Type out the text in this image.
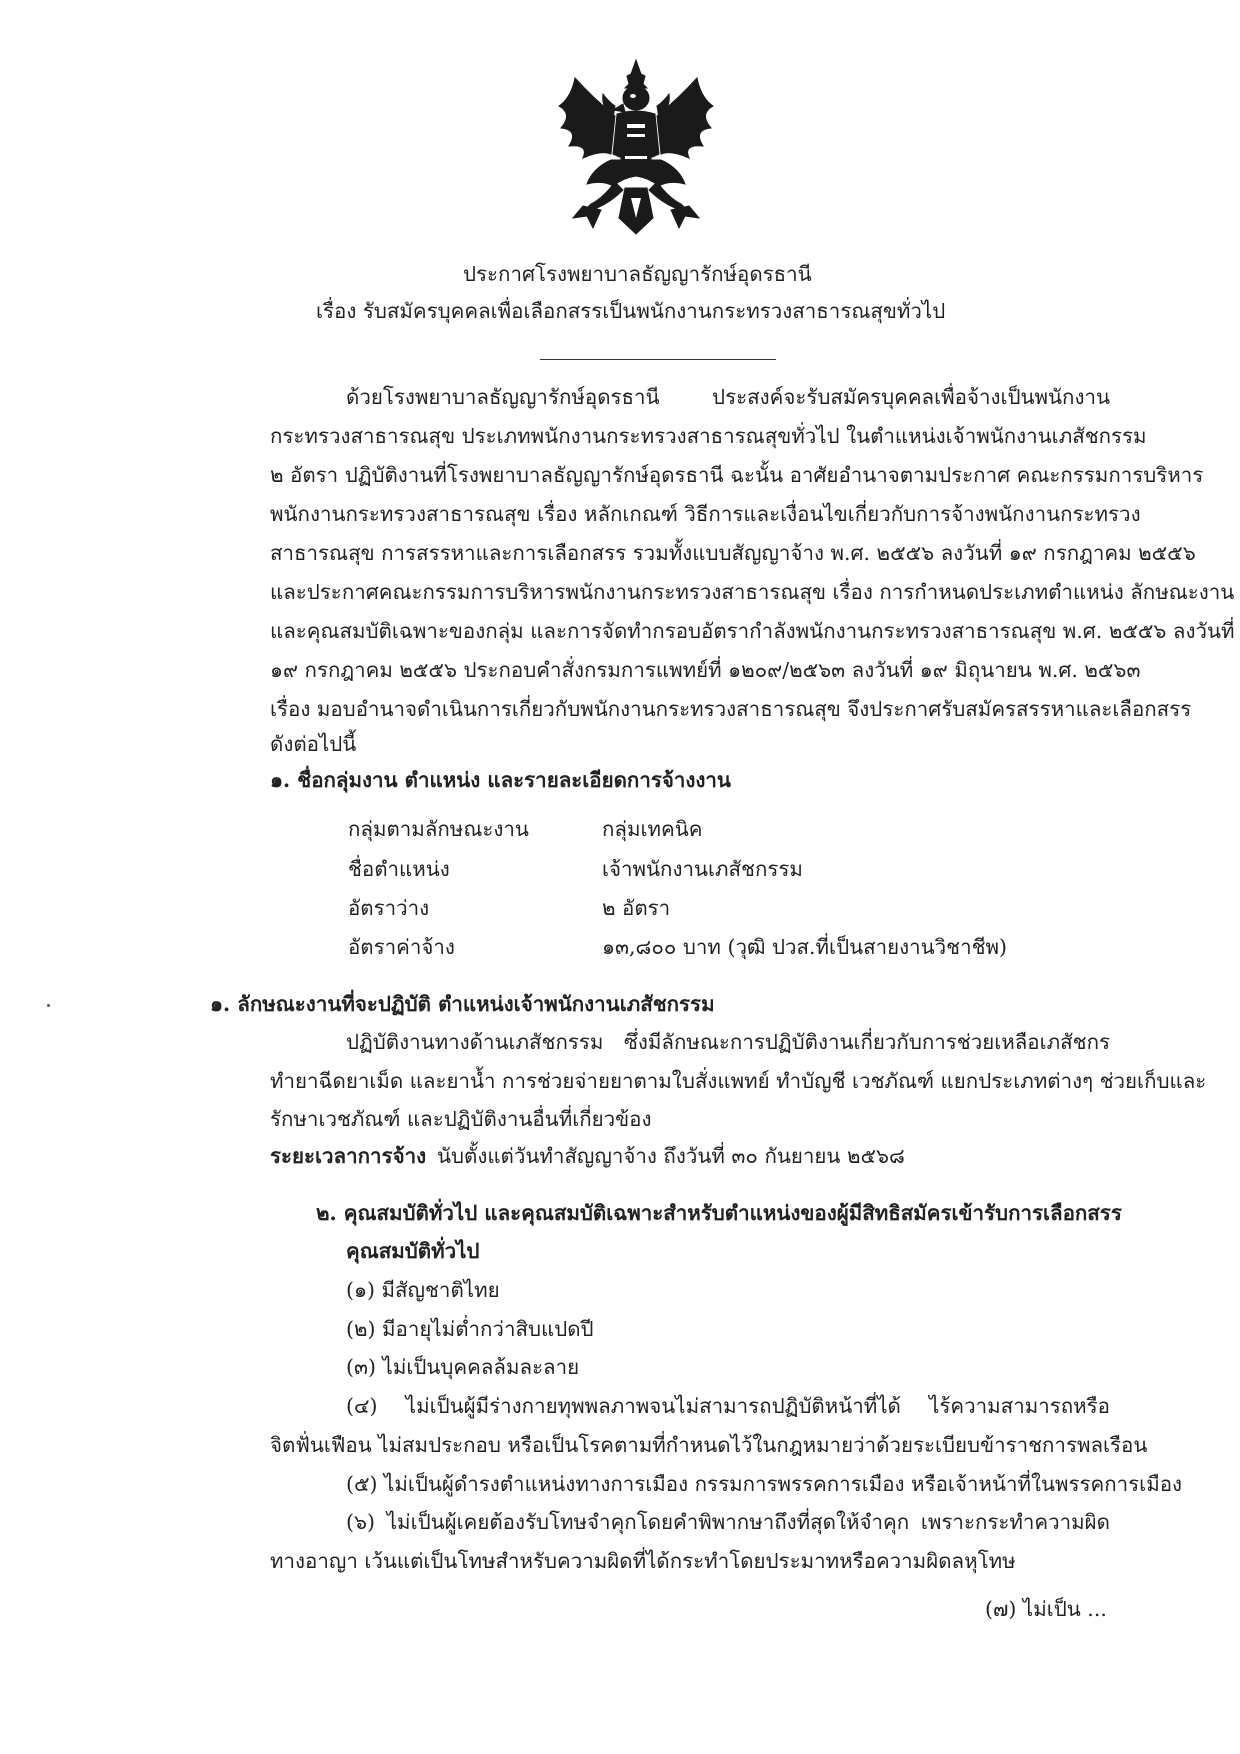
ประกาศโรงพยาบาลธัญญารักษ์อุดรธานี
เรื่อง รับสมัครบุคคลเพื่อเลือกสรรเป็นพนักงานกระทรวงสาธารณสุขทั่วไป
ด้วยโรงพยาบาลธัญญารักษ์อุดรธานี ประสงค์จะรับสมัครบุคคลเพื่อจ้างเป็นพนักงาน
กระทรวงสาธารณสุข ประเภทพนักงานกระทรวงสาธารณสุขทั่วไป ในตำแหน่งเจ้าพนักงานเภสัชกรรม
๒ อัตรา ปฏิบัติงานที่โรงพยาบาลธัญญารักษ์อุดรธานี ฉะนั้น อาศัยอำนาจตามประกาศ คณะกรรมการบริหาร
พนักงานกระทรวงสาธารณสุข เรื่อง หลักเกณฑ์ วิธีการและเงื่อนไขเกี่ยวกับการจ้างพนักงานกระทรวง
สาธารณสุข การสรรหาและการเลือกสรร รวมทั้งแบบสัญญาจ้าง พ.ศ. ๒๕๕๖ ลงวันที่ ๑๙ กรกฎาคม ๒๕๕๖
และประกาศคณะกรรมการบริหารพนักงานกระทรวงสาธารณสุข เรื่อง การกำหนดประเภทตำแหน่ง ลักษณะงาน
และคุณสมบัติเฉพาะของกลุ่ม และการจัดทำกรอบอัตรากำลังพนักงานกระทรวงสาธารณสุข พ.ศ. ๒๕๕๖ ลงวันที่
๑๙ กรกฎาคม ๒๕๕๖ ประกอบคำสั่งกรมการแพทย์ที่ ๑๒๐๙/๒๕๖๓ ลงวันที่ ๑๙ มิถุนายน พ.ศ. ๒๕๖๓
เรื่อง มอบอำนาจดำเนินการเกี่ยวกับพนักงานกระทรวงสาธารณสุข จึงประกาศรับสมัครสรรหาและเลือกสรร
ดังต่อไปนี้
๑. ชื่อกลุ่มงาน ตำแหน่ง และรายละเอียดการจ้างงาน
กลุ่มตามลักษณะงาน	กลุ่มเทคนิค
ชื่อตำแหน่ง	เจ้าพนักงานเภสัชกรรม
อัตราว่าง	๒ อัตรา
อัตราค่าจ้าง	๑๓,๘๐๐ บาท (วุฒิ ปวส.ที่เป็นสายงานวิชาชีพ)
๑. ลักษณะงานที่จะปฏิบัติ ตำแหน่งเจ้าพนักงานเภสัชกรรม
ปฏิบัติงานทางด้านเภสัชกรรม ซึ่งมีลักษณะการปฏิบัติงานเกี่ยวกับการช่วยเหลือเภสัชกร
ทำยาฉีดยาเม็ด และยาน้ำ การช่วยจ่ายยาตามใบสั่งแพทย์ ทำบัญชี เวชภัณฑ์ แยกประเภทต่างๆ ช่วยเก็บและ
รักษาเวชภัณฑ์ และปฏิบัติงานอื่นที่เกี่ยวข้อง
ระยะเวลาการจ้าง นับตั้งแต่วันทำสัญญาจ้าง ถึงวันที่ ๓๐ กันยายน ๒๕๖๘
๒. คุณสมบัติทั่วไป และคุณสมบัติเฉพาะสำหรับตำแหน่งของผู้มีสิทธิสมัครเข้ารับการเลือกสรร
คุณสมบัติทั่วไป
(๑) มีสัญชาติไทย
(๒) มีอายุไม่ต่ำกว่าสิบแปดปี
(๓) ไม่เป็นบุคคลล้มละลาย
(๔) ไม่เป็นผู้มีร่างกายทุพพลภาพจนไม่สามารถปฏิบัติหน้าที่ได้ ไร้ความสามารถหรือ
จิตฟั่นเฟือน ไม่สมประกอบ หรือเป็นโรคตามที่กำหนดไว้ในกฎหมายว่าด้วยระเบียบข้าราชการพลเรือน
(๕) ไม่เป็นผู้ดำรงตำแหน่งทางการเมือง กรรมการพรรคการเมือง หรือเจ้าหน้าที่ในพรรคการเมือง
(๖) ไม่เป็นผู้เคยต้องรับโทษจำคุกโดยคำพิพากษาถึงที่สุดให้จำคุก เพราะกระทำความผิด
ทางอาญา เว้นแต่เป็นโทษสำหรับความผิดที่ได้กระทำโดยประมาทหรือความผิดลหุโทษ
(๗) ไม่เป็น ...
